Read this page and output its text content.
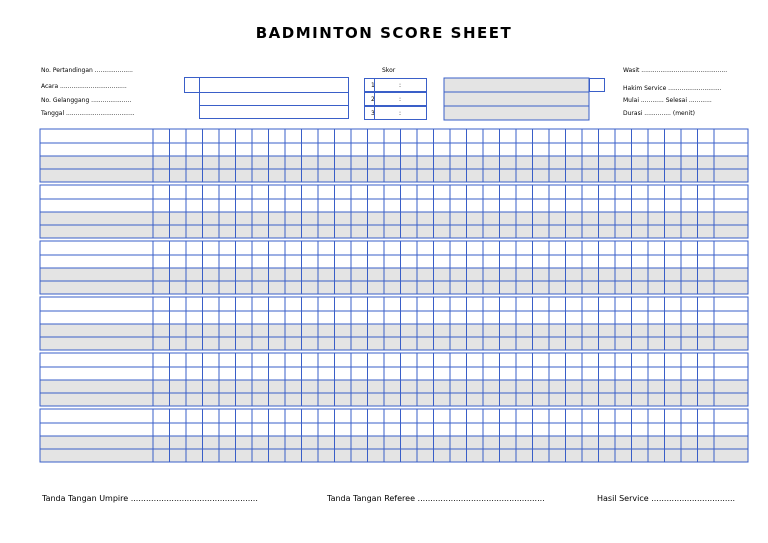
BADMINTON SCORE SHEET
No. Pertandingan ....................
Acara ...................................
No. Gelanggang .....................
Tanggal ....................................
Skor
1	:
2	:
3	:
Wasit .............................................
Hakim Service ............................
Mulai ............ Selesai ............
Durasi .............. (menit)
Tanda Tangan Umpire ..................................................	Tanda Tangan Referee ..................................................	Hasil Service .................................
